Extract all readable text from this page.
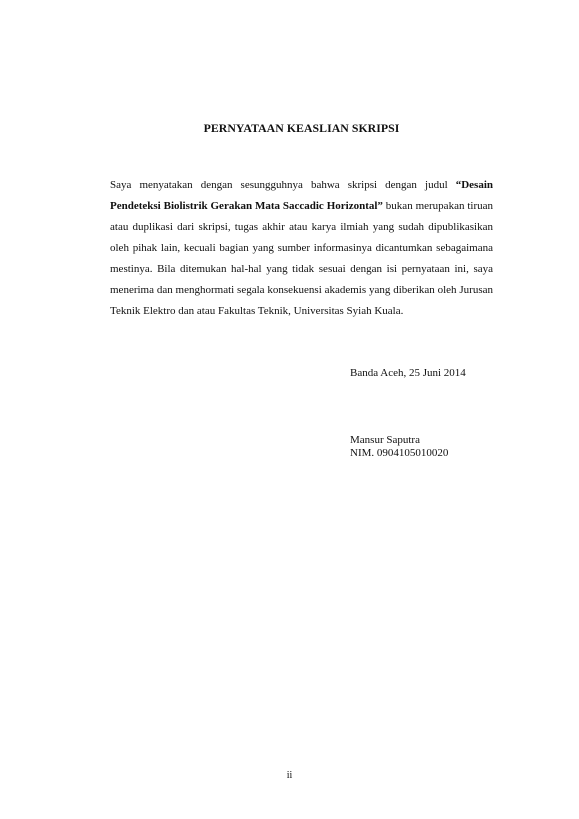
PERNYATAAN KEASLIAN SKRIPSI

Saya menyatakan dengan sesungguhnya bahwa skripsi dengan judul “Desain Pendeteksi Biolistrik Gerakan Mata Saccadic Horizontal” bukan merupakan tiruan atau duplikasi dari skripsi, tugas akhir atau karya ilmiah yang sudah dipublikasikan oleh pihak lain, kecuali bagian yang sumber informasinya dicantumkan sebagaimana mestinya. Bila ditemukan hal-hal yang tidak sesuai dengan isi pernyataan ini, saya menerima dan menghormati segala konsekuensi akademis yang diberikan oleh Jurusan Teknik Elektro dan atau Fakultas Teknik, Universitas Syiah Kuala.

Banda Aceh, 25 Juni 2014
Mansur Saputra
NIM. 0904105010020
ii
